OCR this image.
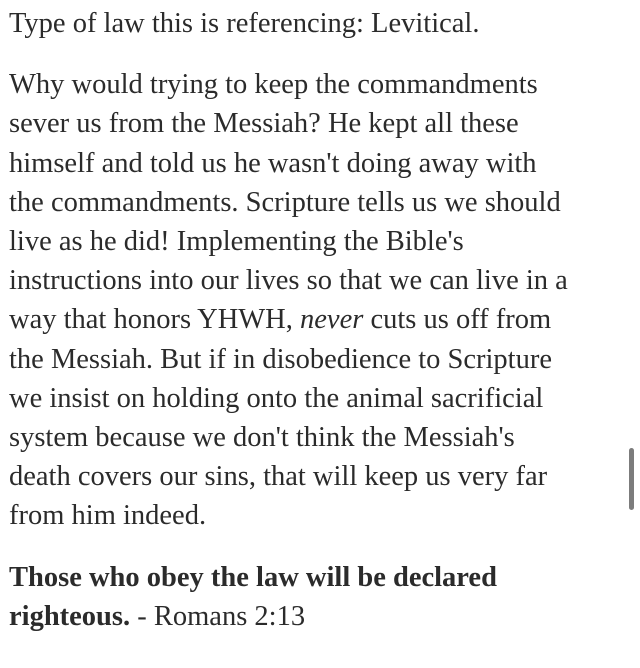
Type of law this is referencing: Levitical.

Why would trying to keep the commandments
sever us from the Messiah? He kept all these
himself and told us he wasn't doing away with
the commandments. Scripture tells us we should
live as he did! Implementing the Bible's
instructions into our lives so that we can live in a
way that honors YHWH, never cuts us off from
the Messiah. But if in disobedience to Scripture
we insist on holding onto the animal sacrificial
system because we don't think the Messiah's
death covers our sins, that will keep us very far
from him indeed.

Those who obey the law will be declared
righteous. - Romans 2:13
